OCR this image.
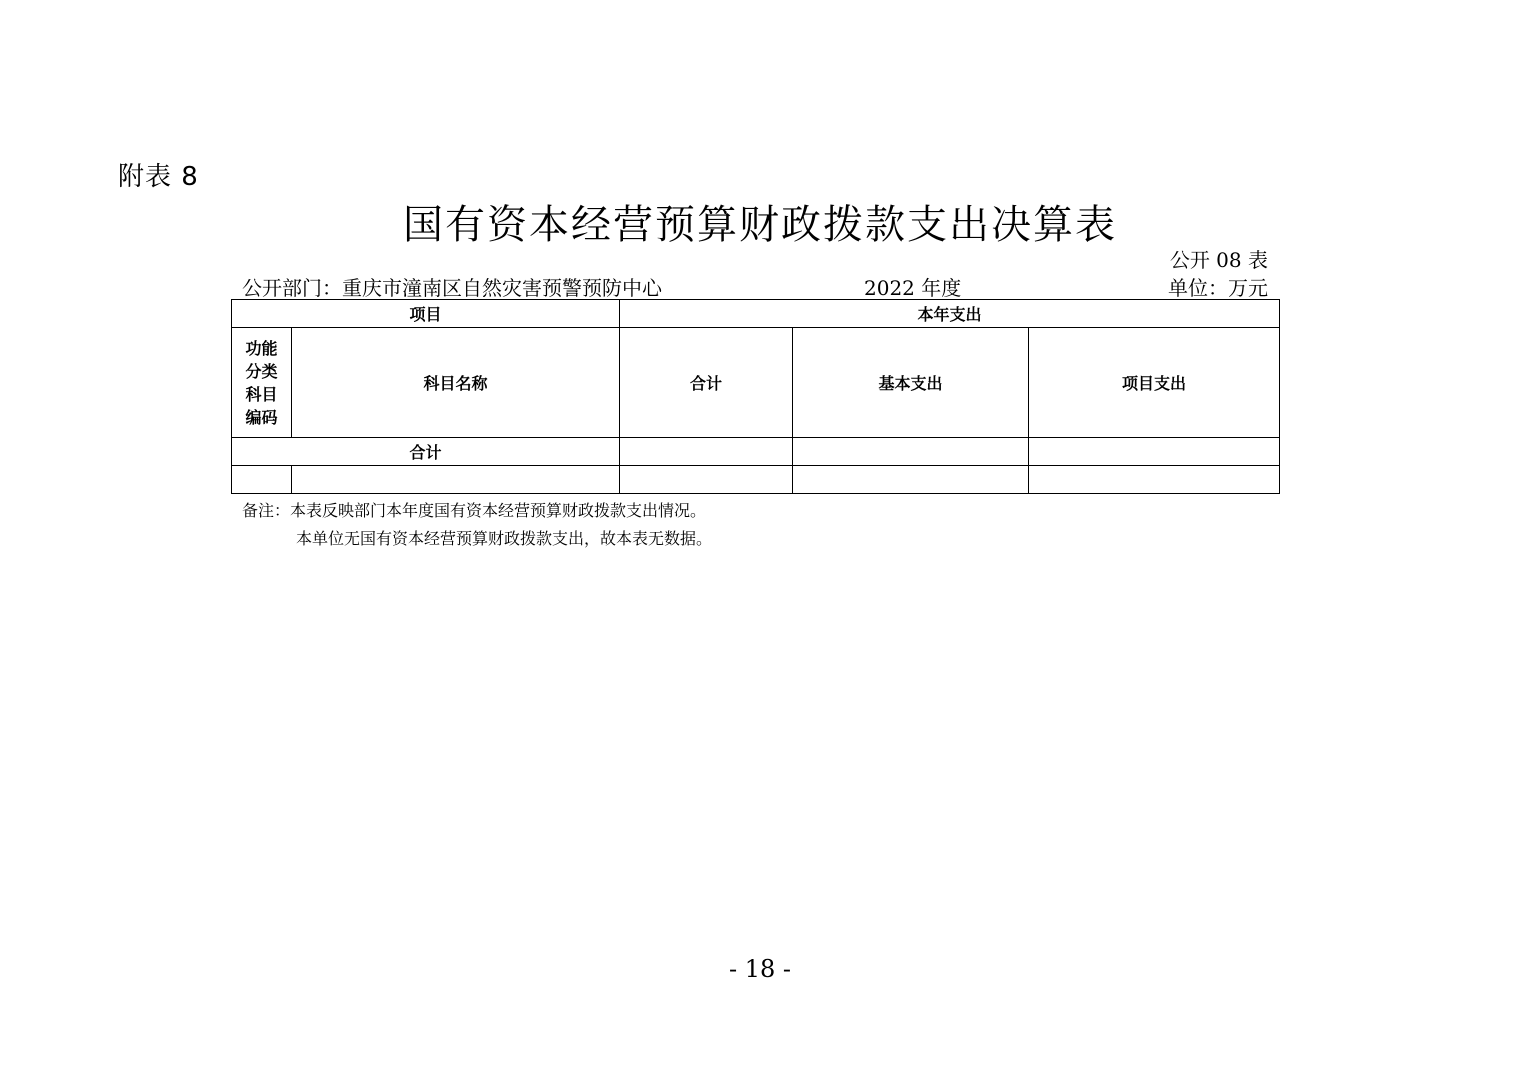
附表 8
国有资本经营预算财政拨款支出决算表
公开 08 表
公开部门：重庆市潼南区自然灾害预警预防中心	2022 年度	单位：万元
项目		本年支出		

功能分类科目编码	科目名称	合计	基本支出	项目支出
合计				

备注：本表反映部门本年度国有资本经营预算财政拨款支出情况。
本单位无国有资本经营预算财政拨款支出，故本表无数据。
- 18 -
